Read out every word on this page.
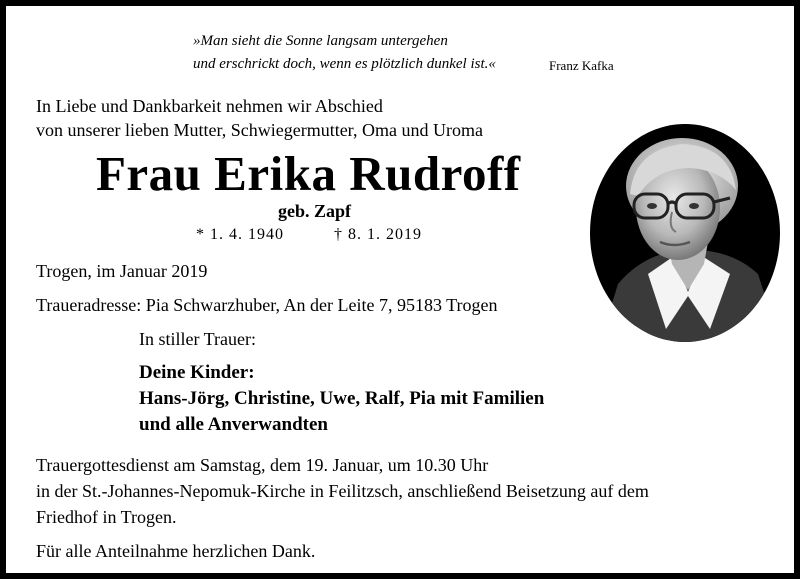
»Man sieht die Sonne langsam untergehen
und erschrickt doch, wenn es plötzlich dunkel ist.«	Franz Kafka
In Liebe und Dankbarkeit nehmen wir Abschied
von unserer lieben Mutter, Schwiegermutter, Oma und Uroma
Frau Erika Rudroff
geb. Zapf
* 1. 4. 1940	† 8. 1. 2019
Trogen, im Januar 2019
Traueradresse: Pia Schwarzhuber, An der Leite 7, 95183 Trogen
In stiller Trauer:
Deine Kinder:
Hans-Jörg, Christine, Uwe, Ralf, Pia mit Familien
und alle Anverwandten
Trauergottesdienst am Samstag, dem 19. Januar, um 10.30 Uhr
in der St.-Johannes-Nepomuk-Kirche in Feilitzsch, anschließend Beisetzung auf dem
Friedhof in Trogen.
Für alle Anteilnahme herzlichen Dank.
